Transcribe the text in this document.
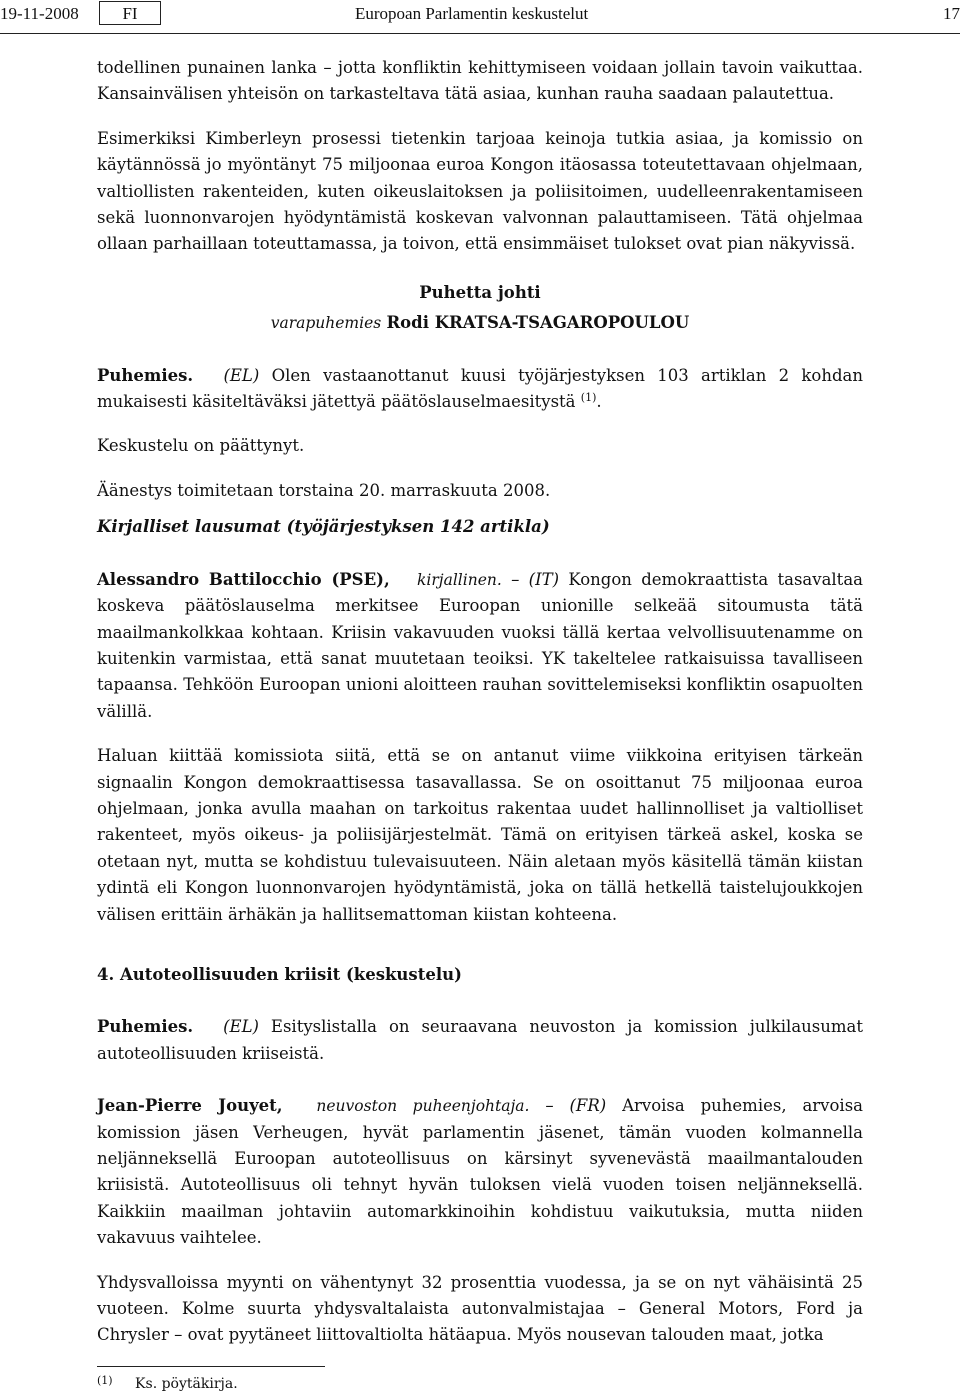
19-11-2008	FI	Europoan Parlamentin keskustelut	17

todellinen punainen lanka – jotta konfliktin kehittymiseen voidaan jollain tavoin vaikuttaa. Kansainvälisen yhteisön on tarkasteltava tätä asiaa, kunhan rauha saadaan palautettua.

Esimerkiksi Kimberleyn prosessi tietenkin tarjoaa keinoja tutkia asiaa, ja komissio on käytännössä jo myöntänyt 75 miljoonaa euroa Kongon itäosassa toteutettavaan ohjelmaan, valtiollisten rakenteiden, kuten oikeuslaitoksen ja poliisitoimen, uudelleenrakentamiseen sekä luonnonvarojen hyödyntämistä koskevan valvonnan palauttamiseen. Tätä ohjelmaa ollaan parhaillaan toteuttamassa, ja toivon, että ensimmäiset tulokset ovat pian näkyvissä.

Puhetta johti
varapuhemies Rodi KRATSA-TSAGAROPOULOU

Puhemies. (EL) Olen vastaanottanut kuusi työjärjestyksen 103 artiklan 2 kohdan mukaisesti käsiteltäväksi jätettyä päätöslauselmaesitystä $^{(1)}$.

Keskustelu on päättynyt.

Äänestys toimitetaan torstaina 20. marraskuuta 2008.

Kirjalliset lausumat (työjärjestyksen 142 artikla)

Alessandro Battilocchio (PSE), kirjallinen. – (IT) Kongon demokraattista tasavaltaa koskeva päätöslauselma merkitsee Euroopan unionille selkeää sitoumusta tätä maailmankolkkaa kohtaan. Kriisin vakavuuden vuoksi tällä kertaa velvollisuutenamme on kuitenkin varmistaa, että sanat muutetaan teoiksi. YK takeltelee ratkaisuissa tavalliseen tapaansa. Tehköön Euroopan unioni aloitteen rauhan sovittelemiseksi konfliktin osapuolten välillä.

Haluan kiittää komissiota siitä, että se on antanut viime viikkoina erityisen tärkeän signaalin Kongon demokraattisessa tasavallassa. Se on osoittanut 75 miljoonaa euroa ohjelmaan, jonka avulla maahan on tarkoitus rakentaa uudet hallinnolliset ja valtiolliset rakenteet, myös oikeus- ja poliisijärjestelmät. Tämä on erityisen tärkeä askel, koska se otetaan nyt, mutta se kohdistuu tulevaisuuteen. Näin aletaan myös käsitellä tämän kiistan ydintä eli Kongon luonnonvarojen hyödyntämistä, joka on tällä hetkellä taistelujoukkojen välisen erittäin ärhäkän ja hallitsemattoman kiistan kohteena.

4. Autoteollisuuden kriisit (keskustelu)

Puhemies. (EL) Esityslistalla on seuraavana neuvoston ja komission julkilausumat autoteollisuuden kriiseistä.

Jean-Pierre Jouyet, neuvoston puheenjohtaja. – (FR) Arvoisa puhemies, arvoisa komission jäsen Verheugen, hyvät parlamentin jäsenet, tämän vuoden kolmannella neljänneksellä Euroopan autoteollisuus on kärsinyt syvenevästä maailmantalouden kriisistä. Autoteollisuus oli tehnyt hyvän tuloksen vielä vuoden toisen neljänneksellä. Kaikkiin maailman johtaviin automarkkinoihin kohdistuu vaikutuksia, mutta niiden vakavuus vaihtelee.

Yhdysvalloissa myynti on vähentynyt 32 prosenttia vuodessa, ja se on nyt vähäisintä 25 vuoteen. Kolme suurta yhdysvaltalaista autonvalmistajaa – General Motors, Ford ja Chrysler – ovat pyytäneet liittovaltiolta hätäapua. Myös nousevan talouden maat, jotka

$^{(1)}$ Ks. pöytäkirja.
